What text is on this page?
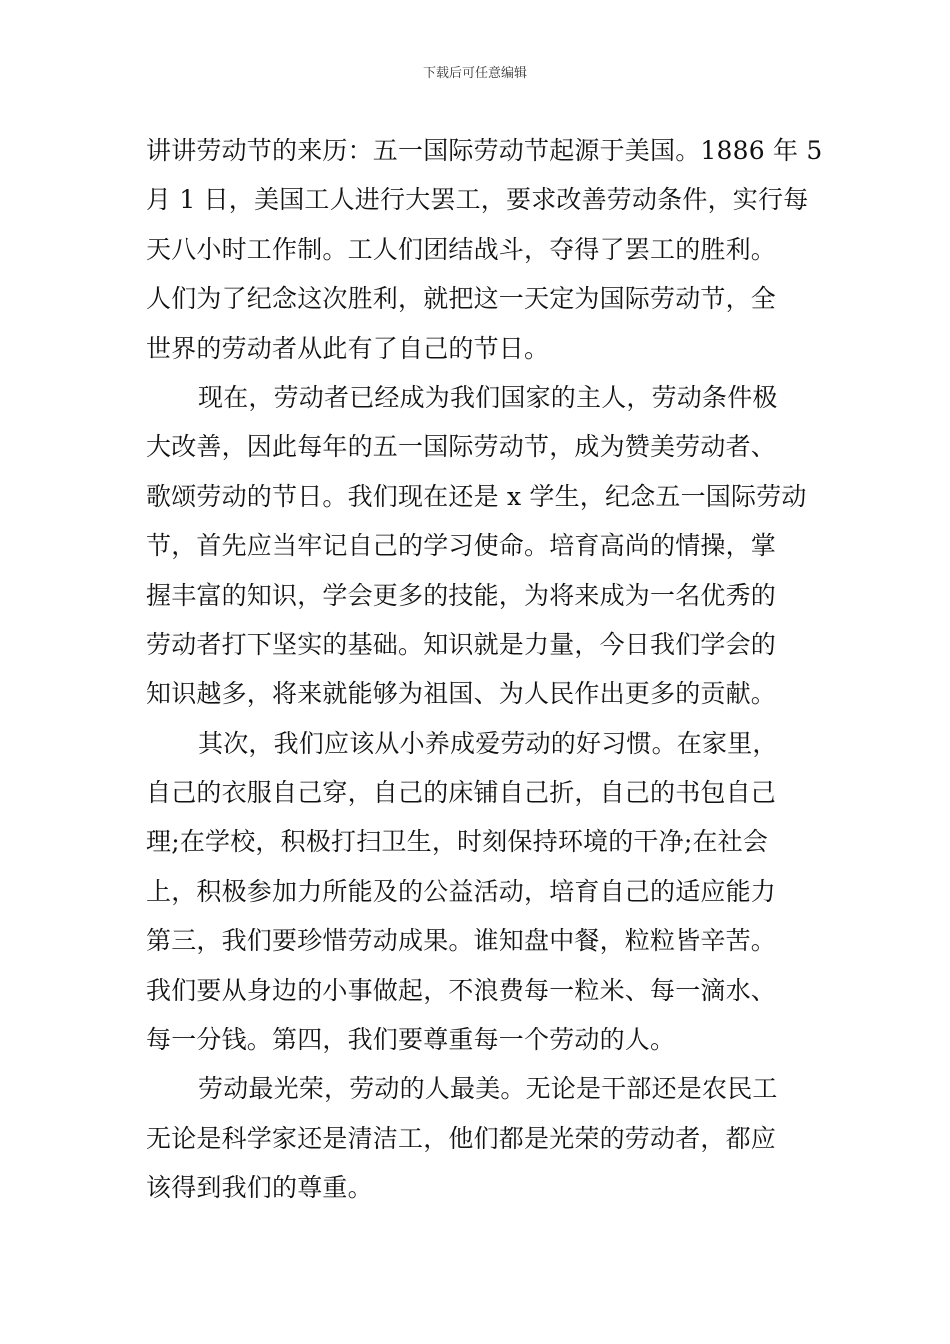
下载后可任意编辑
讲讲劳动节的来历：五一国际劳动节起源于美国。1886 年 5
月 1 日，美国工人进行大罢工，要求改善劳动条件，实行每
天八小时工作制。工人们团结战斗，夺得了罢工的胜利。
人们为了纪念这次胜利，就把这一天定为国际劳动节，全
世界的劳动者从此有了自己的节日。
现在，劳动者已经成为我们国家的主人，劳动条件极
大改善，因此每年的五一国际劳动节，成为赞美劳动者、
歌颂劳动的节日。我们现在还是 x 学生，纪念五一国际劳动
节，首先应当牢记自己的学习使命。培育高尚的情操，掌
握丰富的知识，学会更多的技能，为将来成为一名优秀的
劳动者打下坚实的基础。知识就是力量，今日我们学会的
知识越多，将来就能够为祖国、为人民作出更多的贡献。
其次，我们应该从小养成爱劳动的好习惯。在家里，
自己的衣服自己穿，自己的床铺自己折，自己的书包自己
理;在学校，积极打扫卫生，时刻保持环境的干净;在社会
上，积极参加力所能及的公益活动，培育自己的适应能力
第三，我们要珍惜劳动成果。谁知盘中餐，粒粒皆辛苦。
我们要从身边的小事做起，不浪费每一粒米、每一滴水、
每一分钱。第四，我们要尊重每一个劳动的人。
劳动最光荣，劳动的人最美。无论是干部还是农民工
无论是科学家还是清洁工，他们都是光荣的劳动者，都应
该得到我们的尊重。
